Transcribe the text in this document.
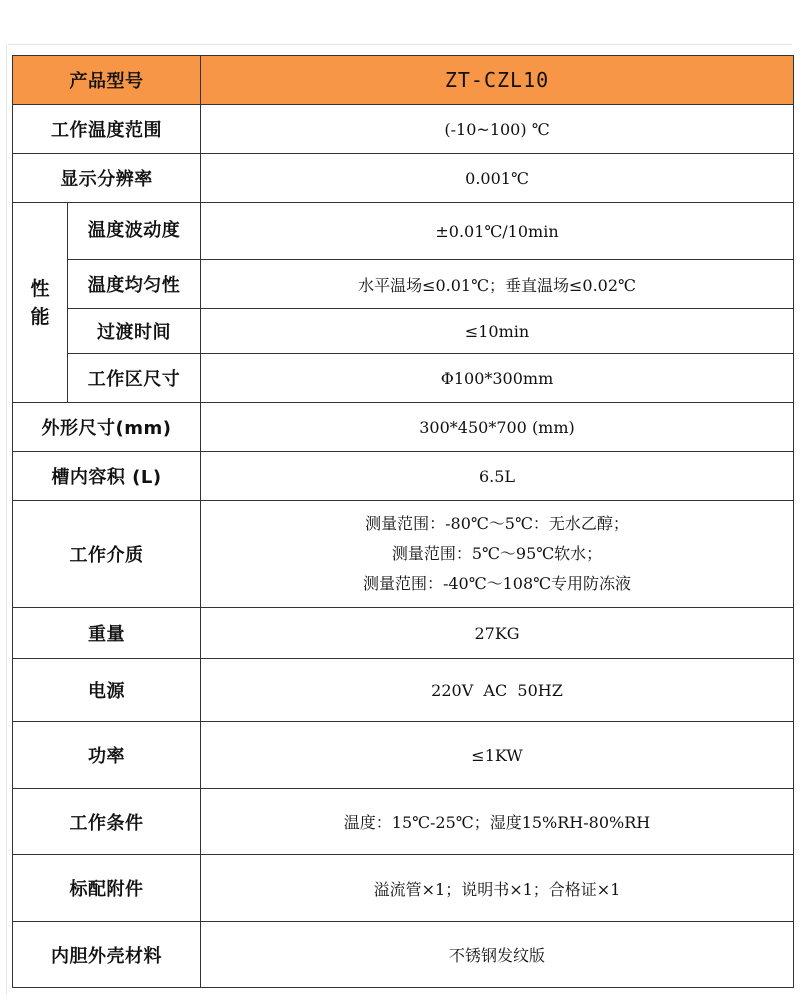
产品型号		ZT-CZL10
工作温度范围		(-10~100) ℃
显示分辨率		0.001℃
性
能	温度波动度	±0.01℃/10min
	温度均匀性	水平温场≤0.01℃；垂直温场≤0.02℃
	过渡时间	≤10min
	工作区尺寸	Φ100*300mm
外形尺寸(mm)		300*450*700 (mm)
槽内容积 (L)		6.5L
工作介质		测量范围：-80℃～5℃：无水乙醇；
测量范围：5℃～95℃软水；
测量范围：-40℃～108℃专用防冻液

重量		27KG
电源		220V  AC  50HZ
功率		≤1KW
工作条件		温度：15℃-25℃；湿度15%RH-80%RH
标配附件		溢流管×1；说明书×1；合格证×1
内胆外壳材料		不锈钢发纹版
